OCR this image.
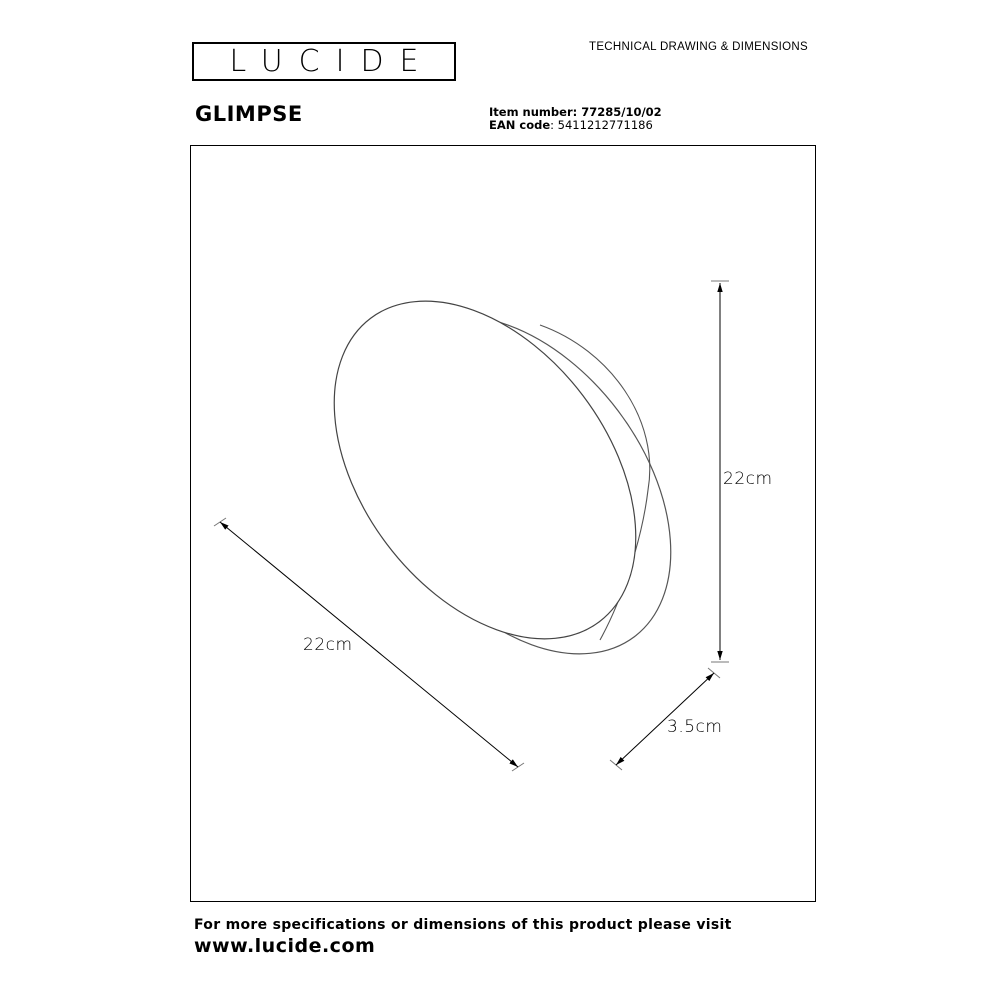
LUCIDE	TECHNICAL DRAWING & DIMENSIONS
GLIMPSE	Item number: 77285/10/02
EAN code: 5411212771186
22cm
22cm
3.5cm
For more specifications or dimensions of this product please visit
www.lucide.com
